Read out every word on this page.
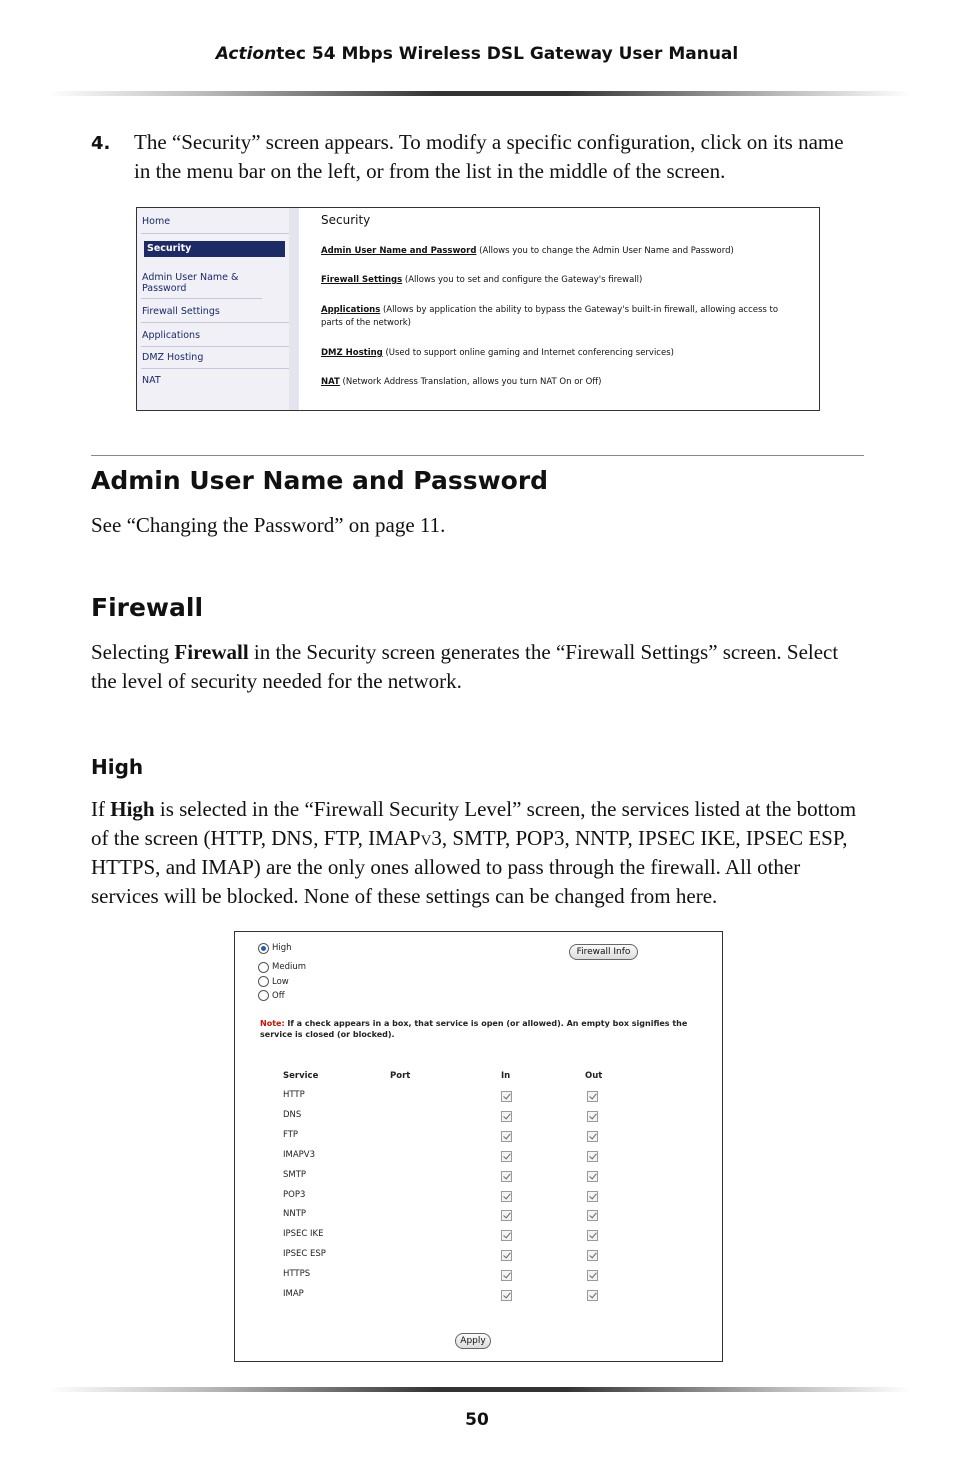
Actiontec 54 Mbps Wireless DSL Gateway User Manual
4. The “Security” screen appears. To modify a specific configuration, click on its name in the menu bar on the left, or from the list in the middle of the screen.
Home
Security
Admin User Name & Password
Firewall Settings
Applications
DMZ Hosting
NAT
Security
Admin User Name and Password (Allows you to change the Admin User Name and Password)
Firewall Settings (Allows you to set and configure the Gateway's firewall)
Applications (Allows by application the ability to bypass the Gateway's built-in firewall, allowing access to parts of the network)
DMZ Hosting (Used to support online gaming and Internet conferencing services)
NAT (Network Address Translation, allows you turn NAT On or Off)
Admin User Name and Password
See “Changing the Password” on page 11.
Firewall
Selecting Firewall in the Security screen generates the “Firewall Settings” screen. Select the level of security needed for the network.
High
If High is selected in the “Firewall Security Level” screen, the services listed at the bottom of the screen (HTTP, DNS, FTP, IMAPv3, SMTP, POP3, NNTP, IPSEC IKE, IPSEC ESP, HTTPS, and IMAP) are the only ones allowed to pass through the firewall. All other services will be blocked. None of these settings can be changed from here.
High
Medium
Low
Off
Firewall Info
Note: If a check appears in a box, that service is open (or allowed). An empty box signifies the service is closed (or blocked).
Service	Port	In	Out
HTTP
DNS
FTP
IMAPV3
SMTP
POP3
NNTP
IPSEC IKE
IPSEC ESP
HTTPS
IMAP
Apply
50
